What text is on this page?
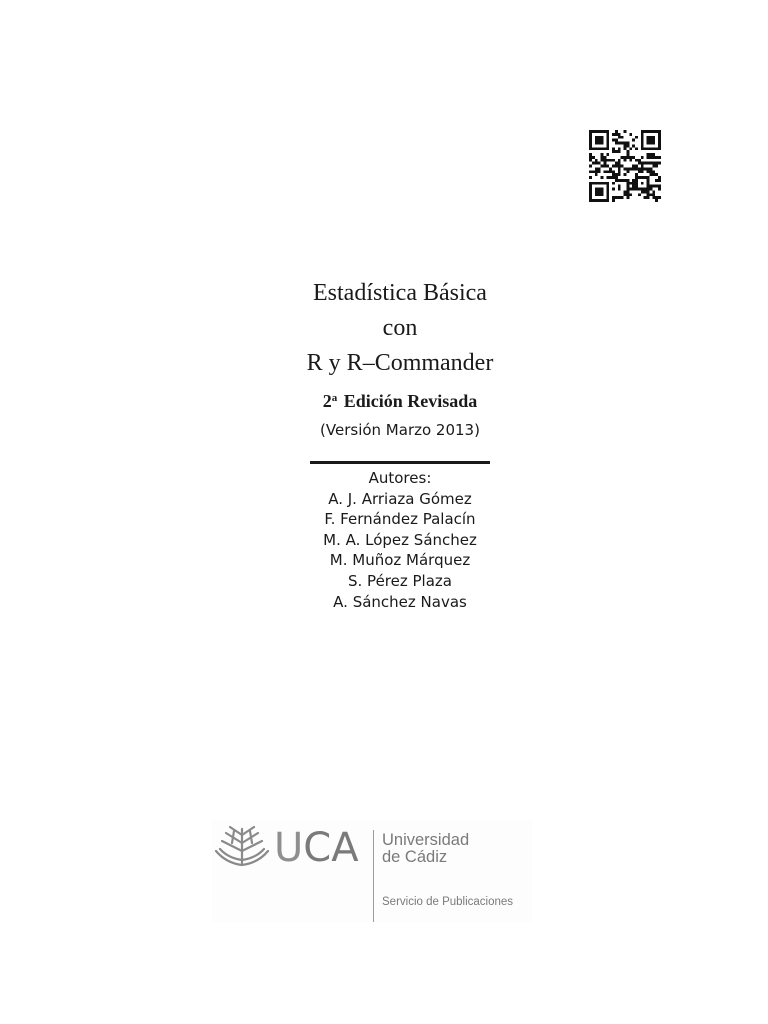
Estadística Básica
con
R y R–Commander
2$^a$ Edición Revisada
(Versión Marzo 2013)
Autores:
A. J. Arriaza Gómez
F. Fernández Palacín
M. A. López Sánchez
M. Muñoz Márquez
S. Pérez Plaza
A. Sánchez Navas
UCA Universidad
de Cádiz
Servicio de Publicaciones
